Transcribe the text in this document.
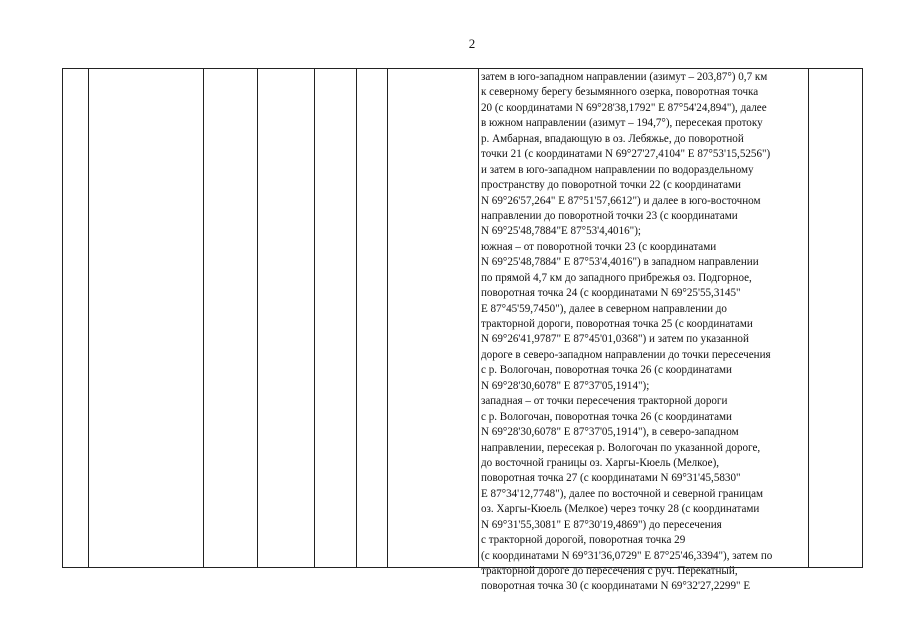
2
затем в юго-западном направлении (азимут – 203,87°) 0,7 км
к северному берегу безымянного озерка, поворотная точка
20 (с координатами N 69°28'38,1792" E 87°54'24,894"), далее
в южном направлении (азимут – 194,7°), пересекая протоку
р. Амбарная, впадающую в оз. Лебяжье, до поворотной
точки 21 (с координатами N 69°27'27,4104" E 87°53'15,5256")
и затем в юго-западном направлении по водораздельному
пространству до поворотной точки 22 (с координатами
N 69°26'57,264" E 87°51'57,6612") и далее в юго-восточном
направлении до поворотной точки 23 (с координатами
N 69°25'48,7884"E 87°53'4,4016");
южная – от поворотной точки 23 (с координатами
N 69°25'48,7884" E 87°53'4,4016") в западном направлении
по прямой 4,7 км до западного прибрежья оз. Подгорное,
поворотная точка 24 (с координатами N 69°25'55,3145"
E 87°45'59,7450"), далее в северном направлении до
тракторной дороги, поворотная точка 25 (с координатами
N 69°26'41,9787" E 87°45'01,0368") и затем по указанной
дороге в северо-западном направлении до точки пересечения
с р. Вологочан, поворотная точка 26 (с координатами
N 69°28'30,6078" E 87°37'05,1914");
западная – от точки пересечения тракторной дороги
с р. Вологочан, поворотная точка 26 (с координатами
N 69°28'30,6078" E 87°37'05,1914"), в северо-западном
направлении, пересекая р. Вологочан по указанной дороге,
до восточной границы оз. Харгы-Кюель (Мелкое),
поворотная точка 27 (с координатами N 69°31'45,5830"
E 87°34'12,7748"), далее по восточной и северной границам
оз. Харгы-Кюель (Мелкое) через точку 28 (с координатами
N 69°31'55,3081" E 87°30'19,4869") до пересечения
с тракторной дорогой, поворотная точка 29
(с координатами N 69°31'36,0729" E 87°25'46,3394"), затем по
тракторной дороге до пересечения с руч. Перекатный,
поворотная точка 30 (с координатами N 69°32'27,2299" E
